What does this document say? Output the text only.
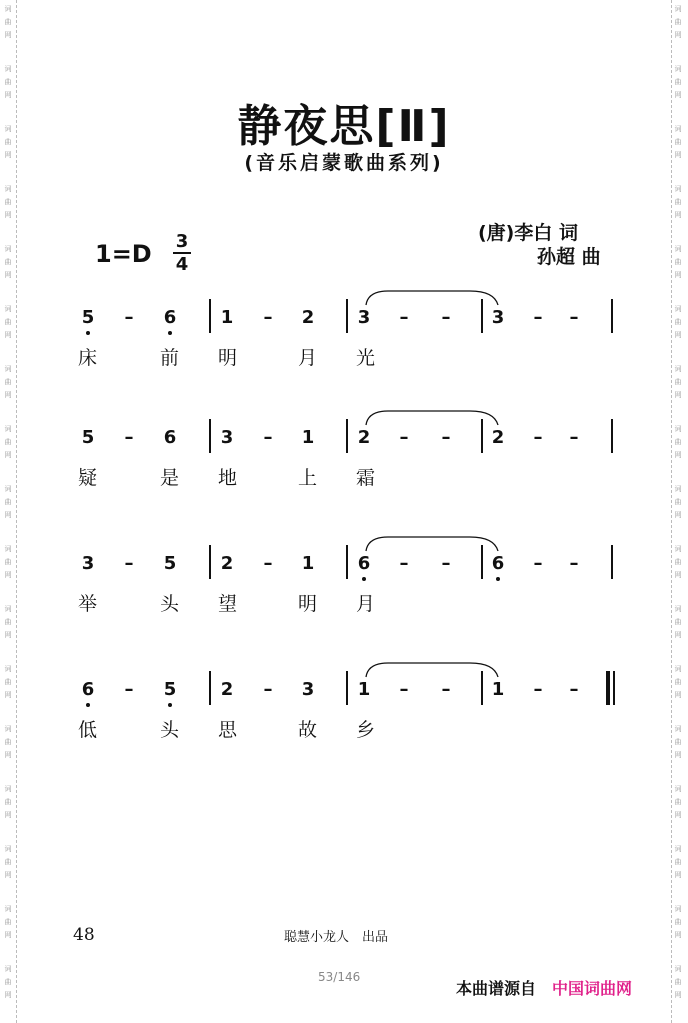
词
曲
网
词
曲
网
词
曲
网
词
曲
网
词
曲
网
词
曲
网
词
曲
网
词
曲
网
词
曲
网
词
曲
网
词
曲
网
词
曲
网
词
曲
网
词
曲
网
词
曲
网
词
曲
网
词
曲
网
词
曲
网
词
曲
网
词
曲
网
词
曲
网
词
曲
网
词
曲
网
词
曲
网
词
曲
网
词
曲
网
词
曲
网
词
曲
网
词
曲
网
词
曲
网
词
曲
网
词
曲
网
词
曲
网
词
曲
网
静夜思[Ⅱ]
(音乐启蒙歌曲系列)
(唐)李白 词
孙超 曲
1=D 3
4
5	–	6 1	–	2 3	–	–	3	–	–
床	前 明	月 光
5	–	6 3	–	1 2	–	–	2	–	–
疑	是 地	上 霜
3	–	5 2	–	1 6	–	–	6	–	–
举	头 望	明 月
6	–	5 2	–	3 1	–	–	1	–	–
低	头 思	故 乡
48	聪慧小龙人　出品
53/146
本曲谱源自 中国词曲网
